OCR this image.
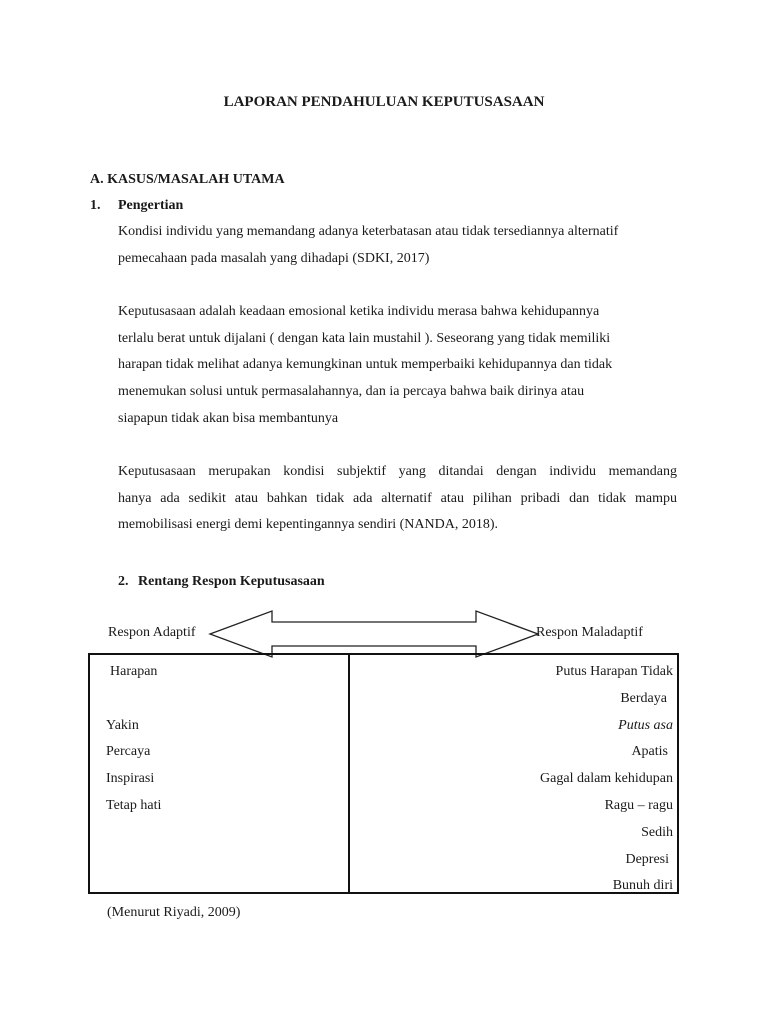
LAPORAN PENDAHULUAN KEPUTUSASAAN
A. KASUS/MASALAH UTAMA
1. Pengertian

Kondisi individu yang memandang adanya keterbatasan atau tidak tersediannya alternatif

pemecahaan pada masalah yang dihadapi (SDKI, 2017)

Keputusasaan adalah keadaan emosional ketika individu merasa bahwa kehidupannya

terlalu berat untuk dijalani ( dengan kata lain mustahil ). Seseorang yang tidak memiliki

harapan tidak melihat adanya kemungkinan untuk memperbaiki kehidupannya dan tidak

menemukan solusi untuk permasalahannya, dan ia percaya bahwa baik dirinya atau

siapapun tidak akan bisa membantunya

Keputusasaan merupakan kondisi subjektif yang ditandai dengan individu memandang

hanya ada sedikit atau bahkan tidak ada alternatif atau pilihan pribadi dan tidak mampu

memobilisasi energi demi kepentingannya sendiri (NANDA, 2018).

2. Rentang Respon Keputusasaan
Respon Adaptif	Respon Maladaptif
Harapan

Yakin
Percaya
Inspirasi
Tetap hati
Putus Harapan Tidak
Berdaya
Putus asa
Apatis
Gagal dalam kehidupan
Ragu – ragu
Sedih
Depresi
Bunuh diri
(Menurut Riyadi, 2009)
